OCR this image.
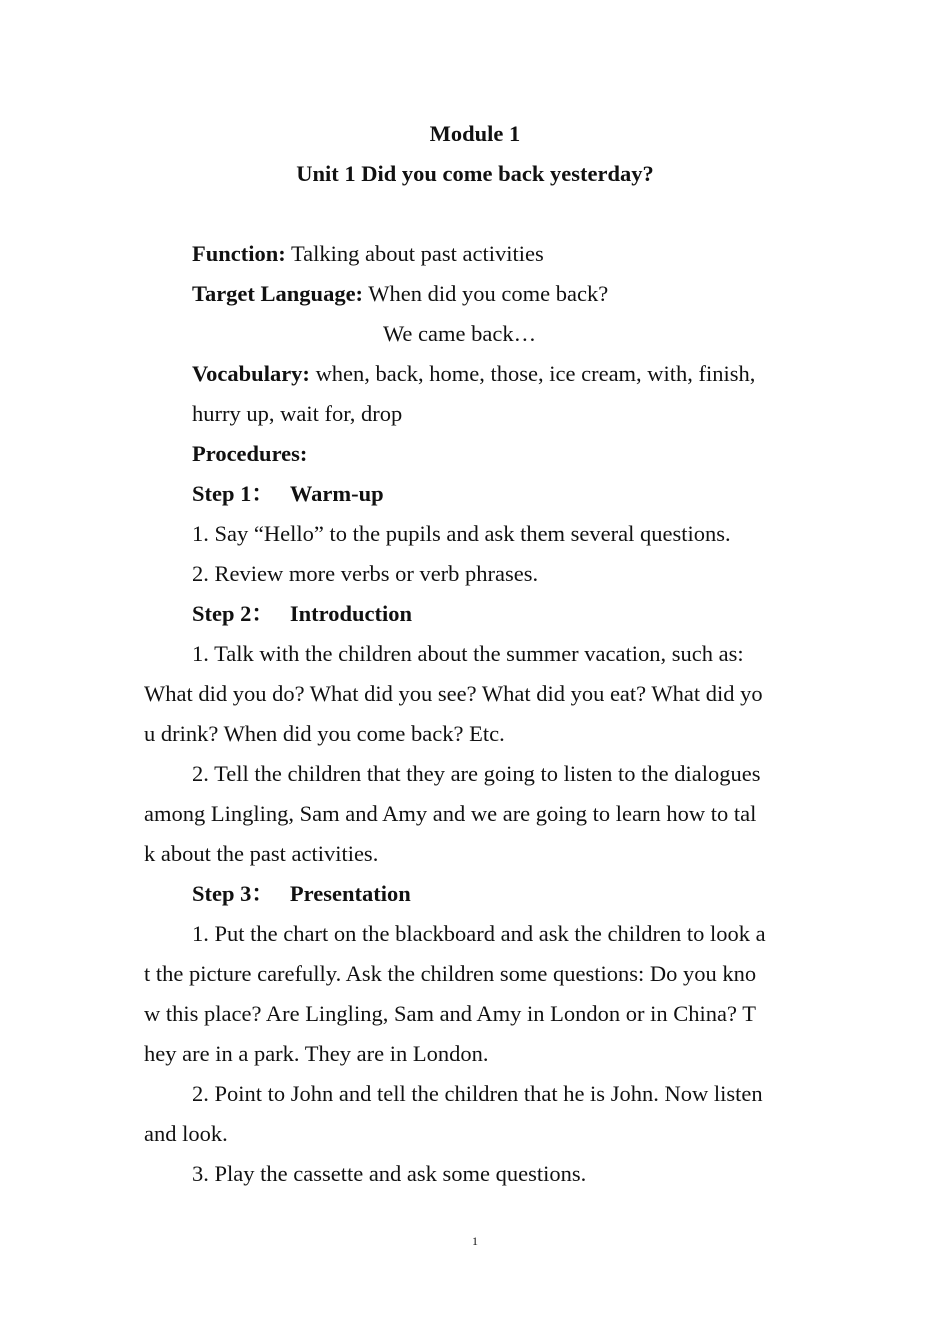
Module 1
Unit 1 Did you come back yesterday?
Function: Talking about past activities
Target Language: When did you come back?
We came back…
Vocabulary: when, back, home, those, ice cream, with, finish,
hurry up, wait for, drop
Procedures:
Step 1： Warm-up
1. Say “Hello” to the pupils and ask them several questions.
2. Review more verbs or verb phrases.
Step 2： Introduction
1. Talk with the children about the summer vacation, such as:
What did you do? What did you see? What did you eat? What did yo
u drink? When did you come back? Etc.
2. Tell the children that they are going to listen to the dialogues
among Lingling, Sam and Amy and we are going to learn how to tal
k about the past activities.
Step 3： Presentation
1. Put the chart on the blackboard and ask the children to look a
t the picture carefully. Ask the children some questions: Do you kno
w this place? Are Lingling, Sam and Amy in London or in China? T
hey are in a park. They are in London.
2. Point to John and tell the children that he is John. Now listen
and look.
3. Play the cassette and ask some questions.
1
